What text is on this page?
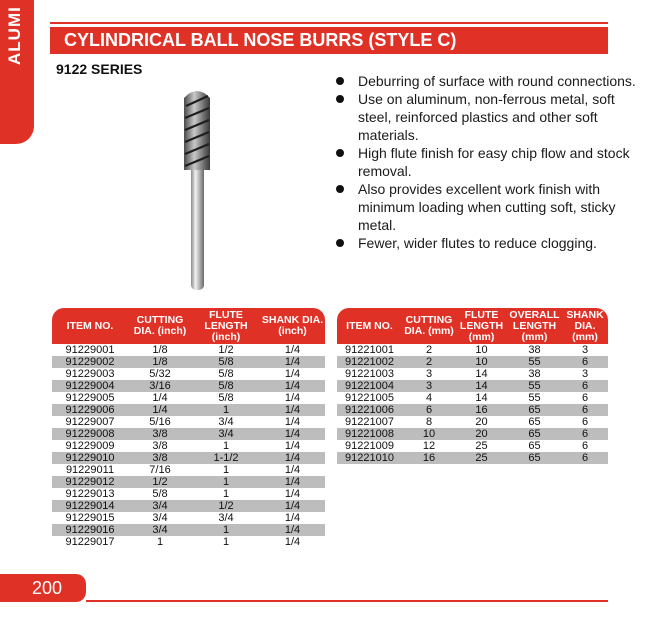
ALUMI	CYLINDRICAL BALL NOSE BURRS (STYLE C)
9122 SERIES
Deburring of surface with round connections.
Use on aluminum, non-ferrous metal, soft steel, reinforced plastics and other soft materials.
High flute finish for easy chip flow and stock removal.
Also provides excellent work finish with minimum loading when cutting soft, sticky metal.
Fewer, wider flutes to reduce clogging.
ITEM NO.	CUTTING DIA. (inch)	FLUTE LENGTH (inch)	SHANK DIA. (inch)
91229001	1/8	1/2	1/4
91229002	1/8	5/8	1/4
91229003	5/32	5/8	1/4
91229004	3/16	5/8	1/4
91229005	1/4	5/8	1/4
91229006	1/4	1	1/4
91229007	5/16	3/4	1/4
91229008	3/8	3/4	1/4
91229009	3/8	1	1/4
91229010	3/8	1-1/2	1/4
91229011	7/16	1	1/4
91229012	1/2	1	1/4
91229013	5/8	1	1/4
91229014	3/4	1/2	1/4
91229015	3/4	3/4	1/4
91229016	3/4	1	1/4
91229017	1	1	1/4
ITEM NO.	CUTTING DIA. (mm)	FLUTE LENGTH (mm)	OVERALL LENGTH (mm)	SHANK DIA. (mm)
91221001	2	10	38	3
91221002	2	10	55	6
91221003	3	14	38	3
91221004	3	14	55	6
91221005	4	14	55	6
91221006	6	16	65	6
91221007	8	20	65	6
91221008	10	20	65	6
91221009	12	25	65	6
91221010	16	25	65	6
200
